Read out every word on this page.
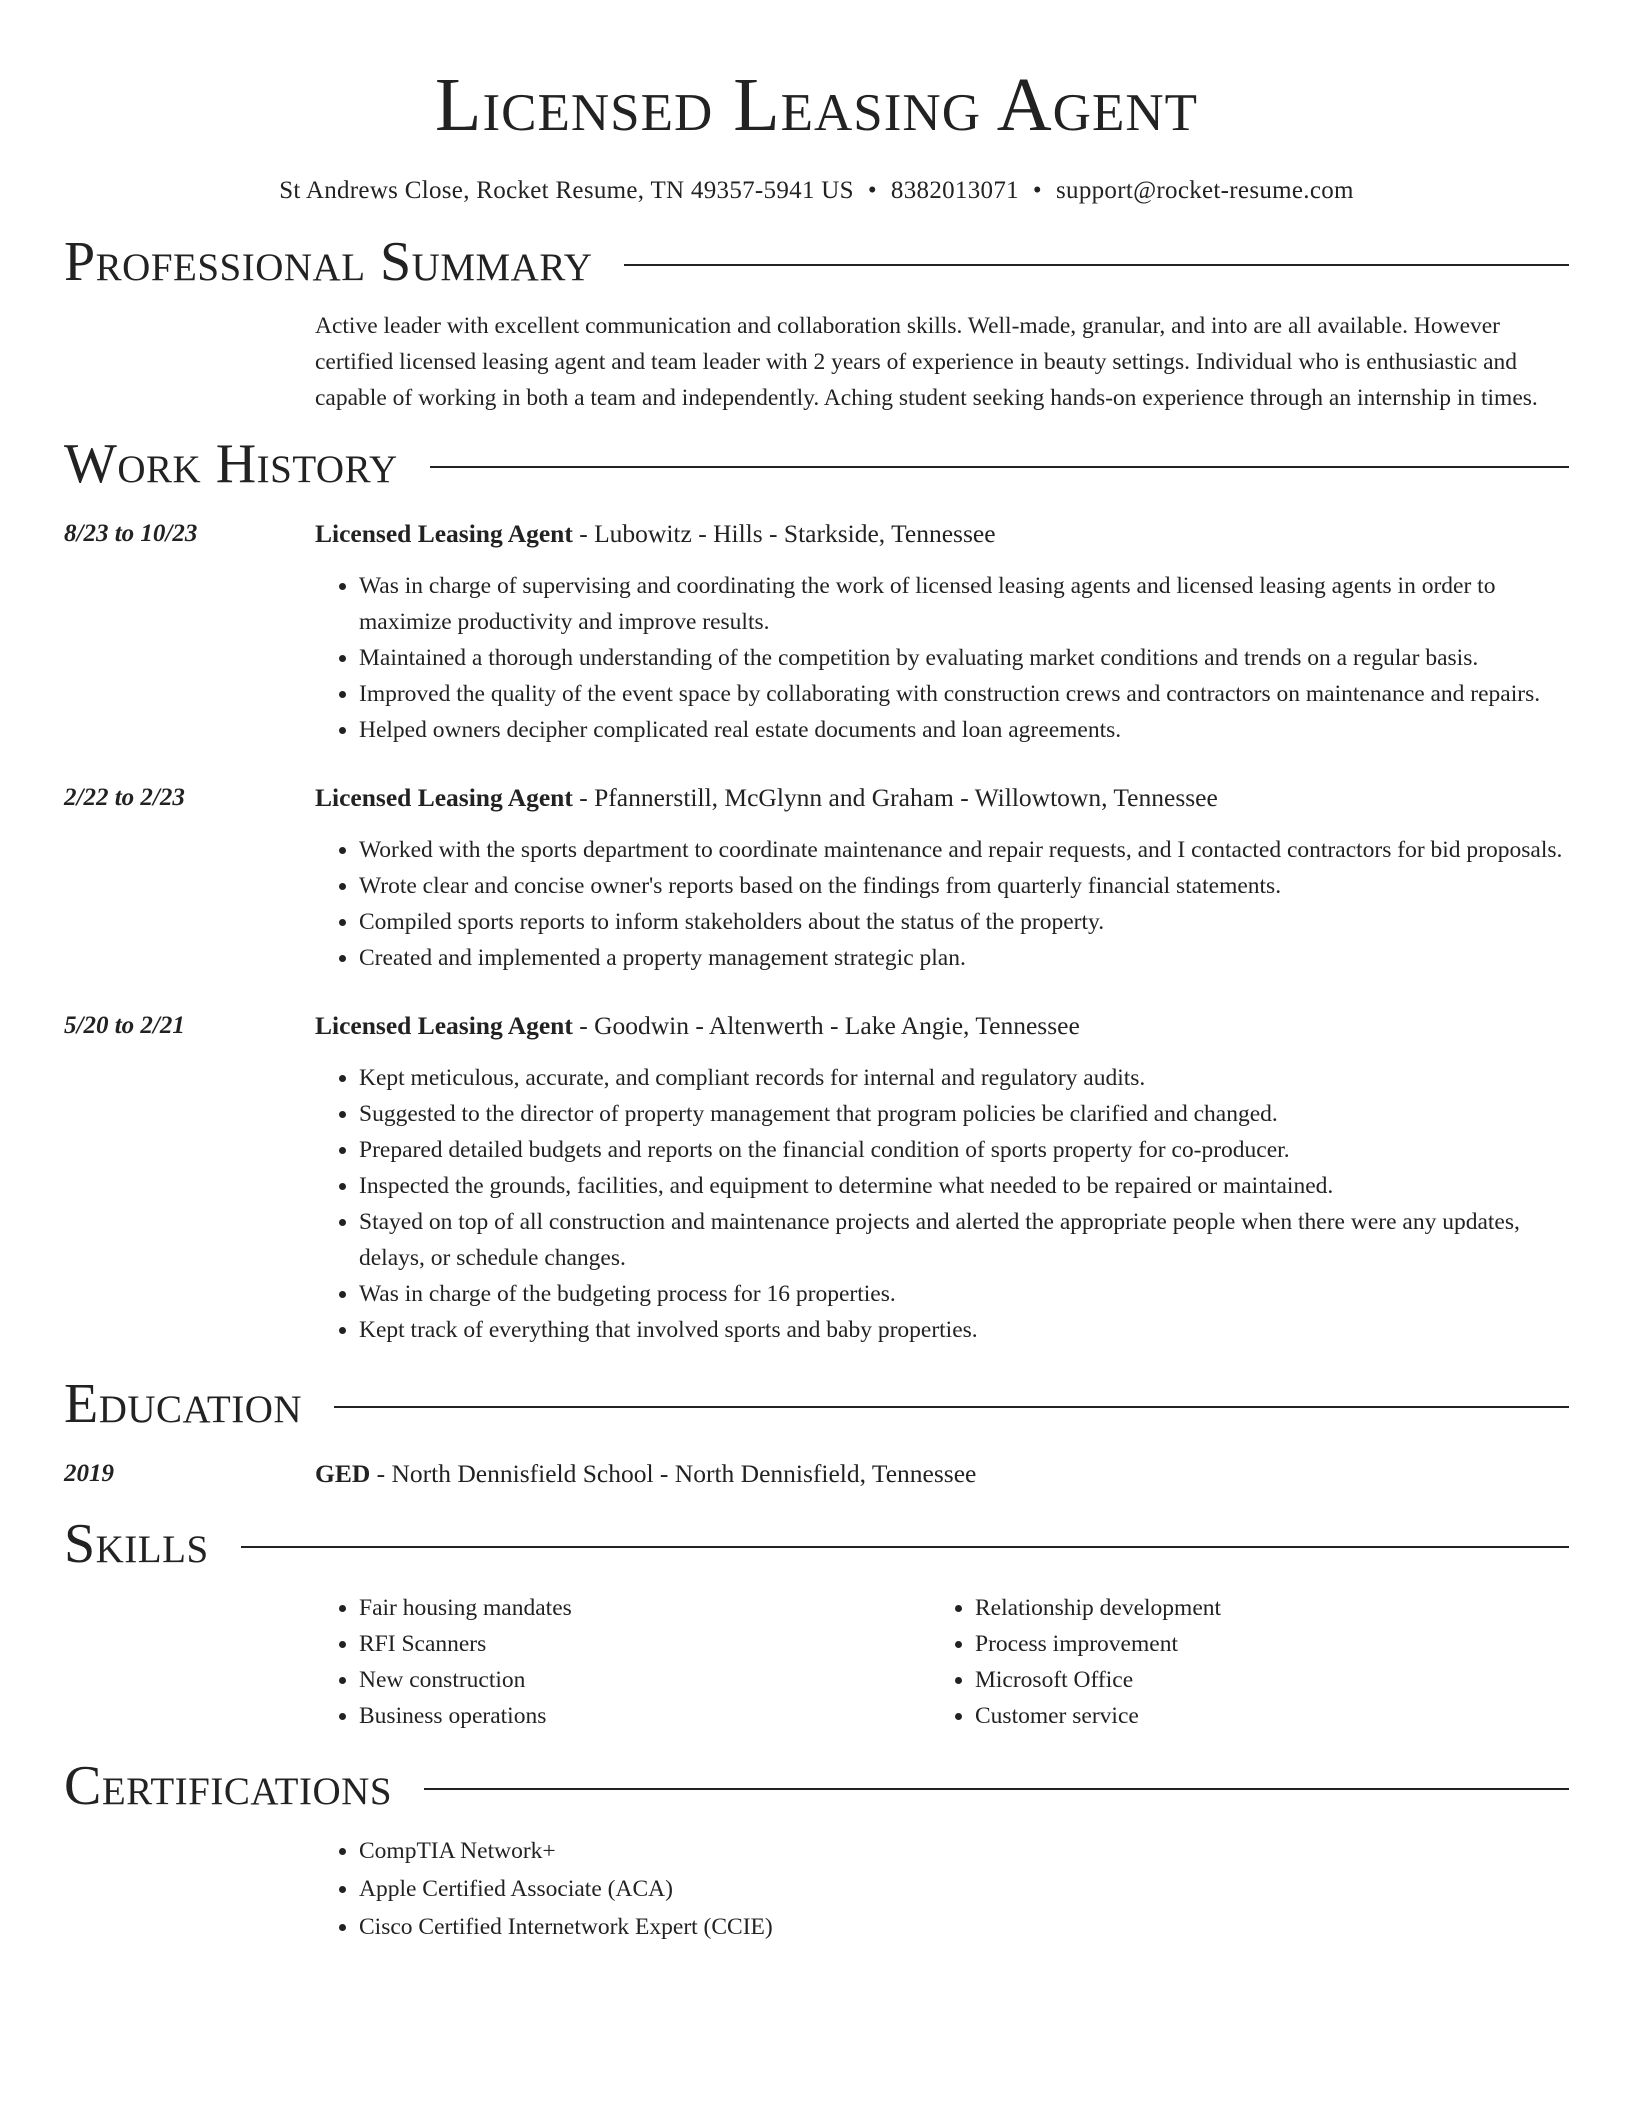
Licensed Leasing Agent
St Andrews Close, Rocket Resume, TN 49357-5941 US • 8382013071 • support@rocket-resume.com
Professional Summary
Active leader with excellent communication and collaboration skills. Well-made, granular, and into are all available. However certified licensed leasing agent and team leader with 2 years of experience in beauty settings. Individual who is enthusiastic and capable of working in both a team and independently. Aching student seeking hands-on experience through an internship in times.
Work History
8/23 to 10/23	Licensed Leasing Agent - Lubowitz - Hills - Starkside, Tennessee
• Was in charge of supervising and coordinating the work of licensed leasing agents and licensed leasing agents in order to maximize productivity and improve results.
• Maintained a thorough understanding of the competition by evaluating market conditions and trends on a regular basis.
• Improved the quality of the event space by collaborating with construction crews and contractors on maintenance and repairs.
• Helped owners decipher complicated real estate documents and loan agreements.
2/22 to 2/23	Licensed Leasing Agent - Pfannerstill, McGlynn and Graham - Willowtown, Tennessee
• Worked with the sports department to coordinate maintenance and repair requests, and I contacted contractors for bid proposals.
• Wrote clear and concise owner's reports based on the findings from quarterly financial statements.
• Compiled sports reports to inform stakeholders about the status of the property.
• Created and implemented a property management strategic plan.
5/20 to 2/21	Licensed Leasing Agent - Goodwin - Altenwerth - Lake Angie, Tennessee
• Kept meticulous, accurate, and compliant records for internal and regulatory audits.
• Suggested to the director of property management that program policies be clarified and changed.
• Prepared detailed budgets and reports on the financial condition of sports property for co-producer.
• Inspected the grounds, facilities, and equipment to determine what needed to be repaired or maintained.
• Stayed on top of all construction and maintenance projects and alerted the appropriate people when there were any updates, delays, or schedule changes.
• Was in charge of the budgeting process for 16 properties.
• Kept track of everything that involved sports and baby properties.
Education
2019	GED - North Dennisfield School - North Dennisfield, Tennessee
Skills
• Fair housing mandates
• RFI Scanners
• New construction
• Business operations
• Relationship development
• Process improvement
• Microsoft Office
• Customer service
Certifications
• CompTIA Network+
• Apple Certified Associate (ACA)
• Cisco Certified Internetwork Expert (CCIE)
